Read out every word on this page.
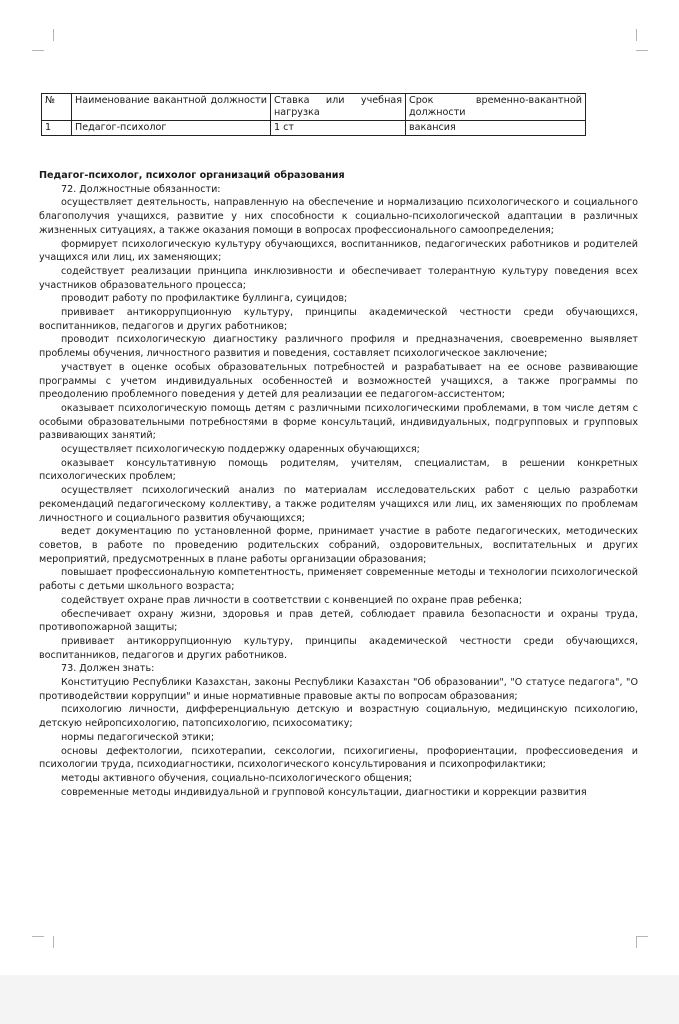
№	Наименование вакантной должности	Ставка или учебная нагрузка	Срок временно-вакантной должности
1	Педагог-психолог	1 ст	вакансия

Педагог-психолог, психолог организаций образования

72. Должностные обязанности:

осуществляет деятельность, направленную на обеспечение и нормализацию психологического и социального благополучия учащихся, развитие у них способности к социально-психологической адаптации в различных жизненных ситуациях, а также оказания помощи в вопросах профессионального самоопределения;

формирует психологическую культуру обучающихся, воспитанников, педагогических работников и родителей учащихся или лиц, их заменяющих;

содействует реализации принципа инклюзивности и обеспечивает толерантную культуру поведения всех участников образовательного процесса;

проводит работу по профилактике буллинга, суицидов;

прививает антикоррупционную культуру, принципы академической честности среди обучающихся, воспитанников, педагогов и других работников;

проводит психологическую диагностику различного профиля и предназначения, своевременно выявляет проблемы обучения, личностного развития и поведения, составляет психологическое заключение;

участвует в оценке особых образовательных потребностей и разрабатывает на ее основе развивающие программы с учетом индивидуальных особенностей и возможностей учащихся, а также программы по преодолению проблемного поведения у детей для реализации ее педагогом-ассистентом;

оказывает психологическую помощь детям с различными психологическими проблемами, в том числе детям с особыми образовательными потребностями в форме консультаций, индивидуальных, подгрупповых и групповых развивающих занятий;

осуществляет психологическую поддержку одаренных обучающихся;

оказывает консультативную помощь родителям, учителям, специалистам, в решении конкретных психологических проблем;

осуществляет психологический анализ по материалам исследовательских работ с целью разработки рекомендаций педагогическому коллективу, а также родителям учащихся или лиц, их заменяющих по проблемам личностного и социального развития обучающихся;

ведет документацию по установленной форме, принимает участие в работе педагогических, методических советов, в работе по проведению родительских собраний, оздоровительных, воспитательных и других мероприятий, предусмотренных в плане работы организации образования;

повышает профессиональную компетентность, применяет современные методы и технологии психологической работы с детьми школьного возраста;

содействует охране прав личности в соответствии с конвенцией по охране прав ребенка;

обеспечивает охрану жизни, здоровья и прав детей, соблюдает правила безопасности и охраны труда, противопожарной защиты;

прививает антикоррупционную культуру, принципы академической честности среди обучающихся, воспитанников, педагогов и других работников.

73. Должен знать:

Конституцию Республики Казахстан, законы Республики Казахстан "Об образовании", "О статусе педагога", "О противодействии коррупции" и иные нормативные правовые акты по вопросам образования;

психологию личности, дифференциальную детскую и возрастную социальную, медицинскую психологию, детскую нейропсихологию, патопсихологию, психосоматику;

нормы педагогической этики;

основы дефектологии, психотерапии, сексологии, психогигиены, профориентации, профессиоведения и психологии труда, психодиагностики, психологического консультирования и психопрофилактики;

методы активного обучения, социально-психологического общения;

современные методы индивидуальной и групповой консультации, диагностики и коррекции развития
